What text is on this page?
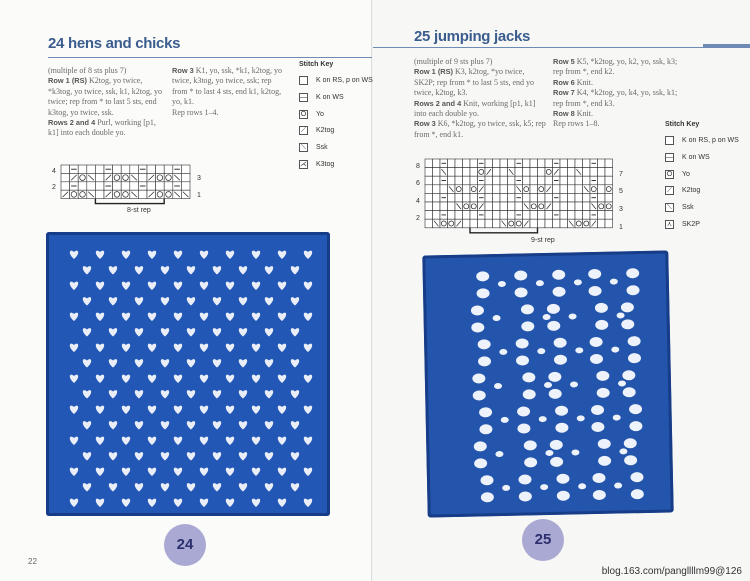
24 hens and chicks

(multiple of 8 sts plus 7)

Row 1 (RS) K2tog, yo twice, *k3tog, yo twice, ssk, k1, k2tog, yo twice; rep from * to last 5 sts, end k3tog, yo twice, ssk.

Rows 2 and 4 Purl, working [p1, k1] into each double yo.

Row 3 K1, yo, ssk, *k1, k2tog, yo twice, k3tog, yo twice, ssk; rep from * to last 4 sts, end k1, k2tog, yo, k1.

Rep rows 1–4.

Stitch Key
K on RS, p on WS
— K on WS
O Yo
⟋ K2tog
⟍ Ssk
⋌ K3tog
4
2
3
1
8-st rep
24
22
25 jumping jacks

(multiple of 9 sts plus 7)

Row 1 (RS) K3, k2tog, *yo twice, SK2P; rep from * to last 5 sts, end yo twice, k2tog, k3.

Rows 2 and 4 Knit, working [p1, k1] into each double yo.

Row 3 K6, *k2tog, yo twice, ssk, k5; rep from *, end k1.

Row 5 K5, *k2tog, yo, k2, yo, ssk, k3; rep from *, end k2.

Row 6 Knit.

Row 7 K4, *k2tog, yo, k4, yo, ssk, k1; rep from *, end k3.

Row 8 Knit.

Rep rows 1–8.	Stitch Key
K on RS, p on WS
— K on WS
O Yo
⟋ K2tog
⟍ Ssk
⋏ SK2P
8
6
4
2
7
5
3
1
9-st rep
25
blog.163.com/pangllllm99@126
